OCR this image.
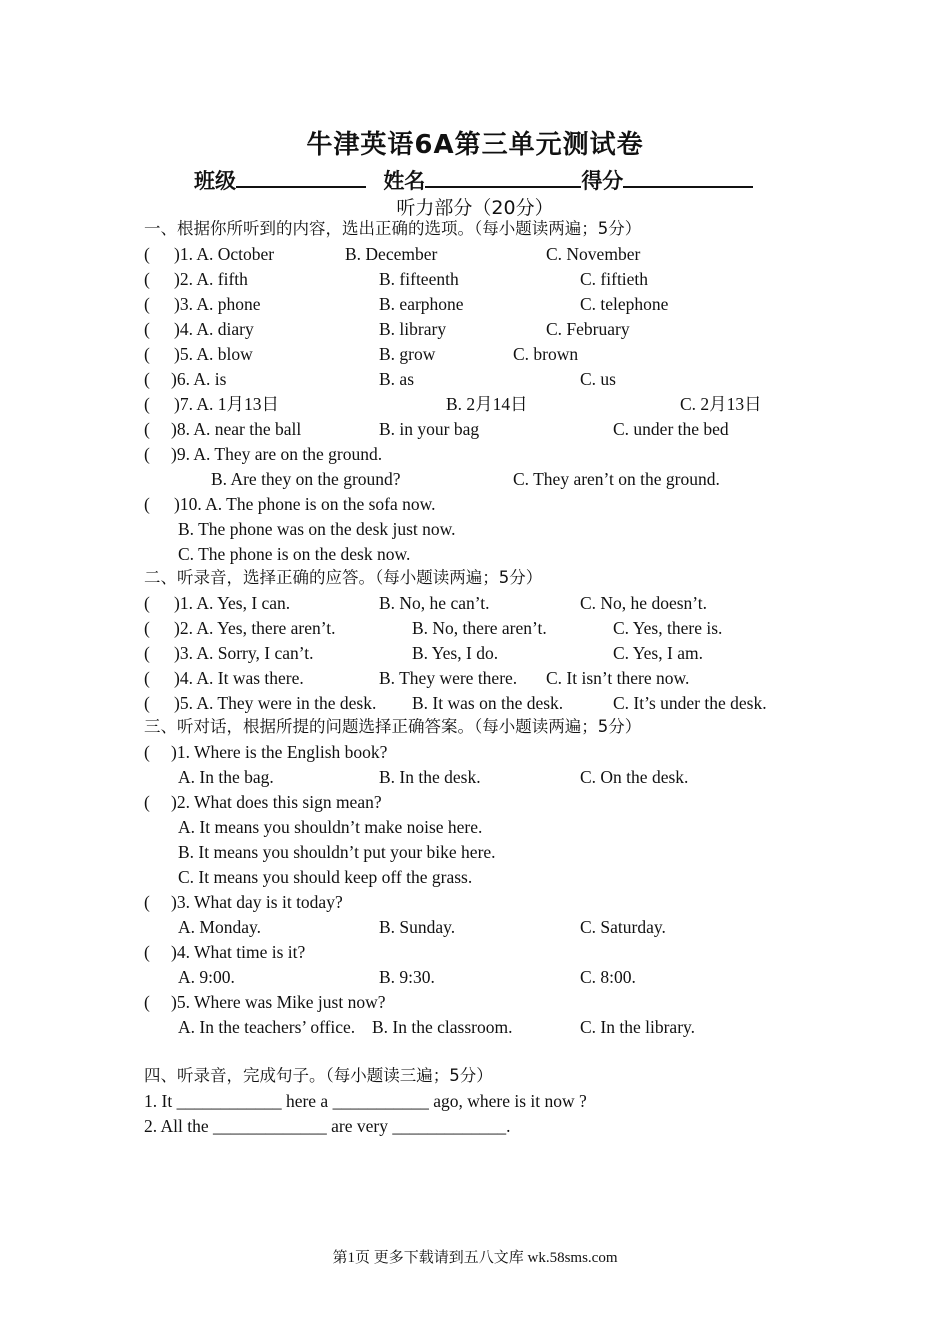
牛津英语6A第三单元测试卷
班级	姓名	得分
听力部分（20分）
一、根据你所听到的内容，选出正确的选项。（每小题读两遍；5分）
( )1. A. October	B. December	C. November
( )2. A. fifth	B. fifteenth	C. fiftieth
( )3. A. phone	B. earphone	C. telephone
( )4. A. diary	B. library	C. February
( )5. A. blow	B. grow	C. brown
( )6. A. is	B. as	C. us
( )7. A. 1月13日	B. 2月14日	C. 2月13日
( )8. A. near the ball	B. in your bag	C. under the bed
( )9. A. They are on the ground.
B. Are they on the ground?	C. They aren’t on the ground.
( )10. A. The phone is on the sofa now.
B. The phone was on the desk just now.
C. The phone is on the desk now.
二、听录音，选择正确的应答。（每小题读两遍；5分）
( )1. A. Yes, I can.	B. No, he can’t.	C. No, he doesn’t.
( )2. A. Yes, there aren’t.	B. No, there aren’t.	C. Yes, there is.
( )3. A. Sorry, I can’t.	B. Yes, I do.	C. Yes, I am.
( )4. A. It was there.	B. They were there. C. It isn’t there now.
( )5. A. They were in the desk. B. It was on the desk.	C. It’s under the desk.
三、听对话，根据所提的问题选择正确答案。（每小题读两遍；5分）
( )1. Where is the English book?
A. In the bag.	B. In the desk.	C. On the desk.
( )2. What does this sign mean?
A. It means you shouldn’t make noise here.
B. It means you shouldn’t put your bike here.
C. It means you should keep off the grass.
( )3. What day is it today?
A. Monday.	B. Sunday.	C. Saturday.
( )4. What time is it?
A. 9:00.	B. 9:30.	C. 8:00.
( )5. Where was Mike just now?
A. In the teachers’ office. B. In the classroom.	C. In the library.
四、听录音，完成句子。（每小题读三遍；5分）
1. It ____________ here a ___________ ago, where is it now ?
2. All the _____________ are very _____________.
第1页 更多下载请到五八文库 wk.58sms.com
